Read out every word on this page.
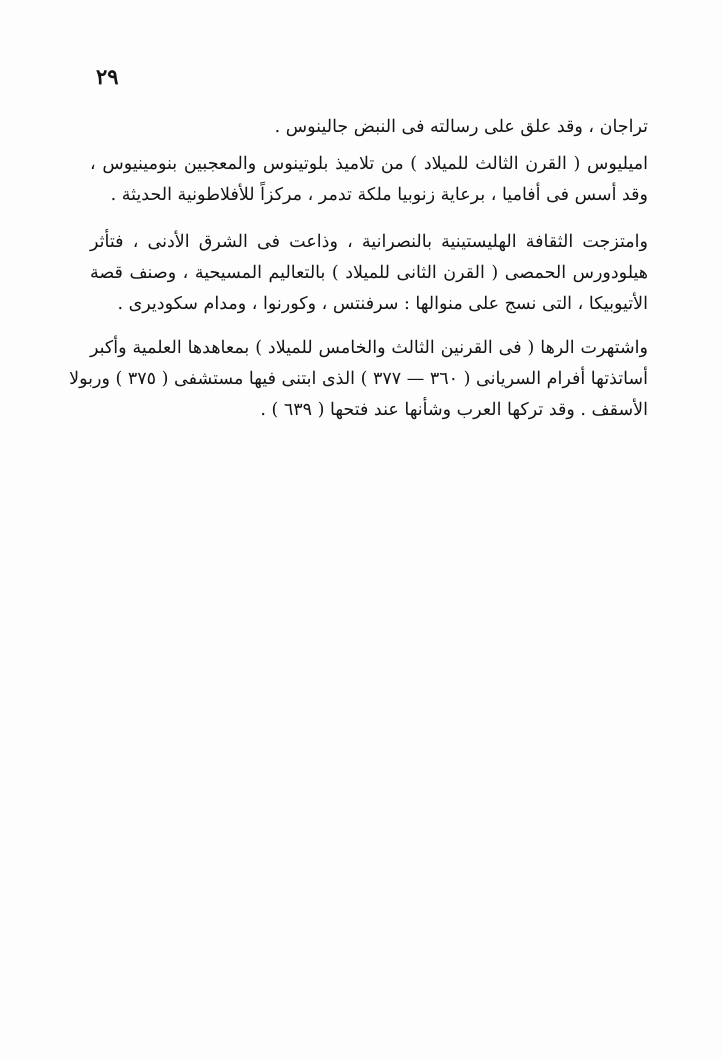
٢٩
تراجان ، وقد علق على رسالته فى النبض جالينوس .
اميليوس ( القرن الثالث للميلاد ) من تلاميذ بلوتينوس والمعجبين بنومينيوس ،
وقد أسس فى أفاميا ، برعاية زنوبيا ملكة تدمر ، مركزاً للأفلاطونية الحديثة .
وامتزجت الثقافة الهليستينية بالنصرانية ، وذاعت فى الشرق الأدنى ، فتأثر
هيلودورس الحمصى ( القرن الثانى للميلاد ) بالتعاليم المسيحية ، وصنف قصة
الأتيوبيكا ، التى نسج على منوالها : سرفنتس ، وكورنوا ، ومدام سكوديرى .
واشتهرت الرها ( فى القرنين الثالث والخامس للميلاد ) بمعاهدها العلمية وأكبر
أساتذتها أفرام السريانى ( ٣٦٠ — ٣٧٧ ) الذى ابتنى فيها مستشفى ( ٣٧٥ ) وربولا
الأسقف . وقد تركها العرب وشأنها عند فتحها ( ٦٣٩ ) .
